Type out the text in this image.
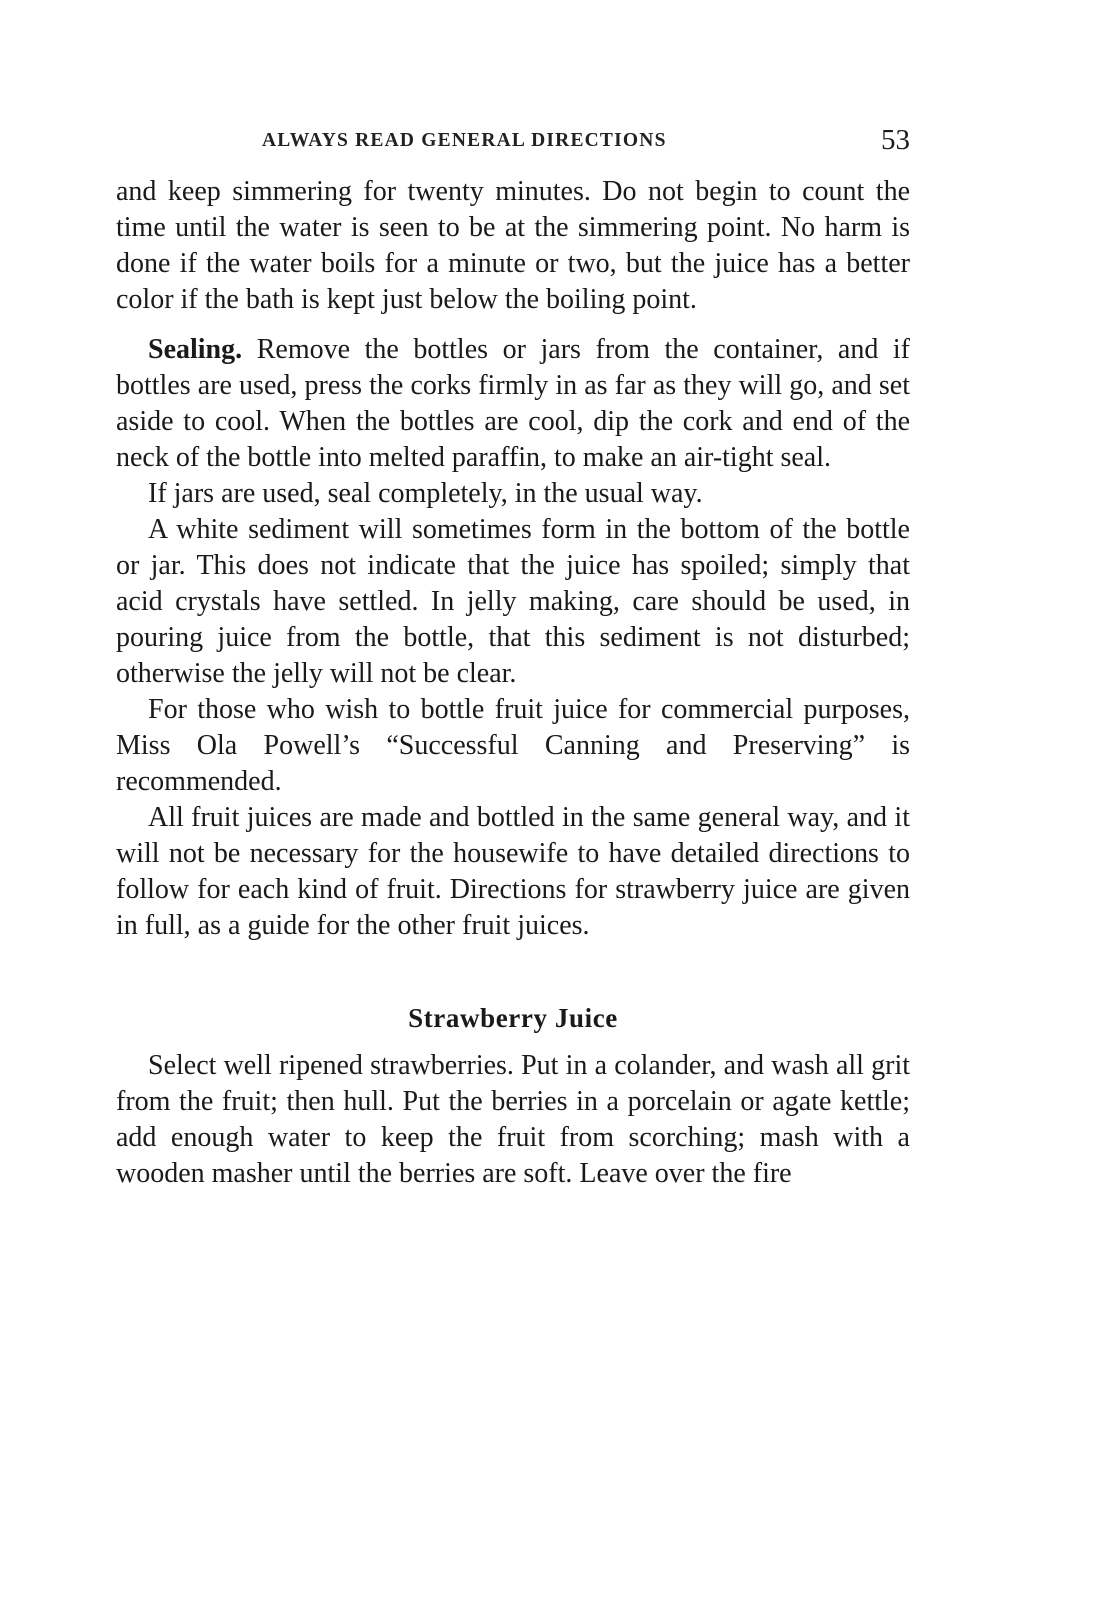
ALWAYS READ GENERAL DIRECTIONS	53

and keep simmering for twenty minutes. Do not begin to count the time until the water is seen to be at the simmering point. No harm is done if the water boils for a minute or two, but the juice has a better color if the bath is kept just below the boiling point.

Sealing. Remove the bottles or jars from the container, and if bottles are used, press the corks firmly in as far as they will go, and set aside to cool. When the bottles are cool, dip the cork and end of the neck of the bottle into melted paraffin, to make an air-tight seal.

If jars are used, seal completely, in the usual way.

A white sediment will sometimes form in the bottom of the bottle or jar. This does not indicate that the juice has spoiled; simply that acid crystals have settled. In jelly making, care should be used, in pouring juice from the bottle, that this sediment is not disturbed; otherwise the jelly will not be clear.

For those who wish to bottle fruit juice for commercial purposes, Miss Ola Powell’s “Successful Canning and Preserving” is recommended.

All fruit juices are made and bottled in the same general way, and it will not be necessary for the housewife to have detailed directions to follow for each kind of fruit. Directions for strawberry juice are given in full, as a guide for the other fruit juices.

Strawberry Juice

Select well ripened strawberries. Put in a colander, and wash all grit from the fruit; then hull. Put the berries in a porcelain or agate kettle; add enough water to keep the fruit from scorching; mash with a wooden masher until the berries are soft. Leave over the fire
